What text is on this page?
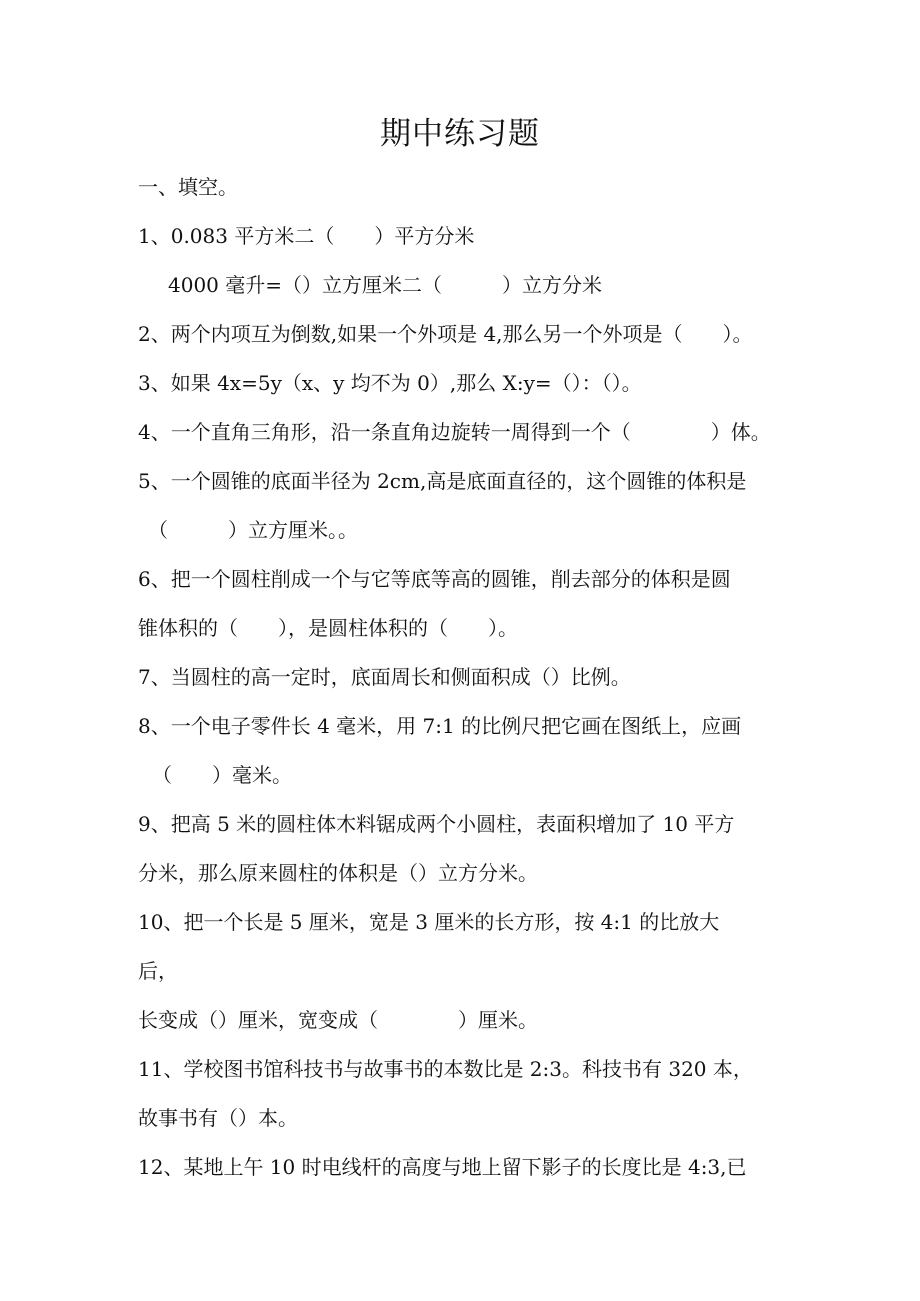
期中练习题
一、填空。
1、0.083 平方米二（　　）平方分米
4000 毫升=（）立方厘米二（　　　）立方分米
2、两个内项互为倒数,如果一个外项是 4,那么另一个外项是（　　）。
3、如果 4x=5y（x、y 均不为 0）,那么 X:y=（）：（）。
4、一个直角三角形，沿一条直角边旋转一周得到一个（　　　　）体。
5、一个圆锥的底面半径为 2cm,高是底面直径的，这个圆锥的体积是
（　　　）立方厘米。。
6、把一个圆柱削成一个与它等底等高的圆锥，削去部分的体积是圆
锥体积的（　　），是圆柱体积的（　　）。
7、当圆柱的高一定时，底面周长和侧面积成（）比例。
8、一个电子零件长 4 毫米，用 7:1 的比例尺把它画在图纸上，应画
（　　）毫米。
9、把高 5 米的圆柱体木料锯成两个小圆柱，表面积增加了 10 平方
分米，那么原来圆柱的体积是（）立方分米。
10、把一个长是 5 厘米，宽是 3 厘米的长方形，按 4:1 的比放大
后，
长变成（）厘米，宽变成（　　　　）厘米。
11、学校图书馆科技书与故事书的本数比是 2:3。科技书有 320 本，
故事书有（）本。
12、某地上午 10 时电线杆的高度与地上留下影子的长度比是 4:3,已
